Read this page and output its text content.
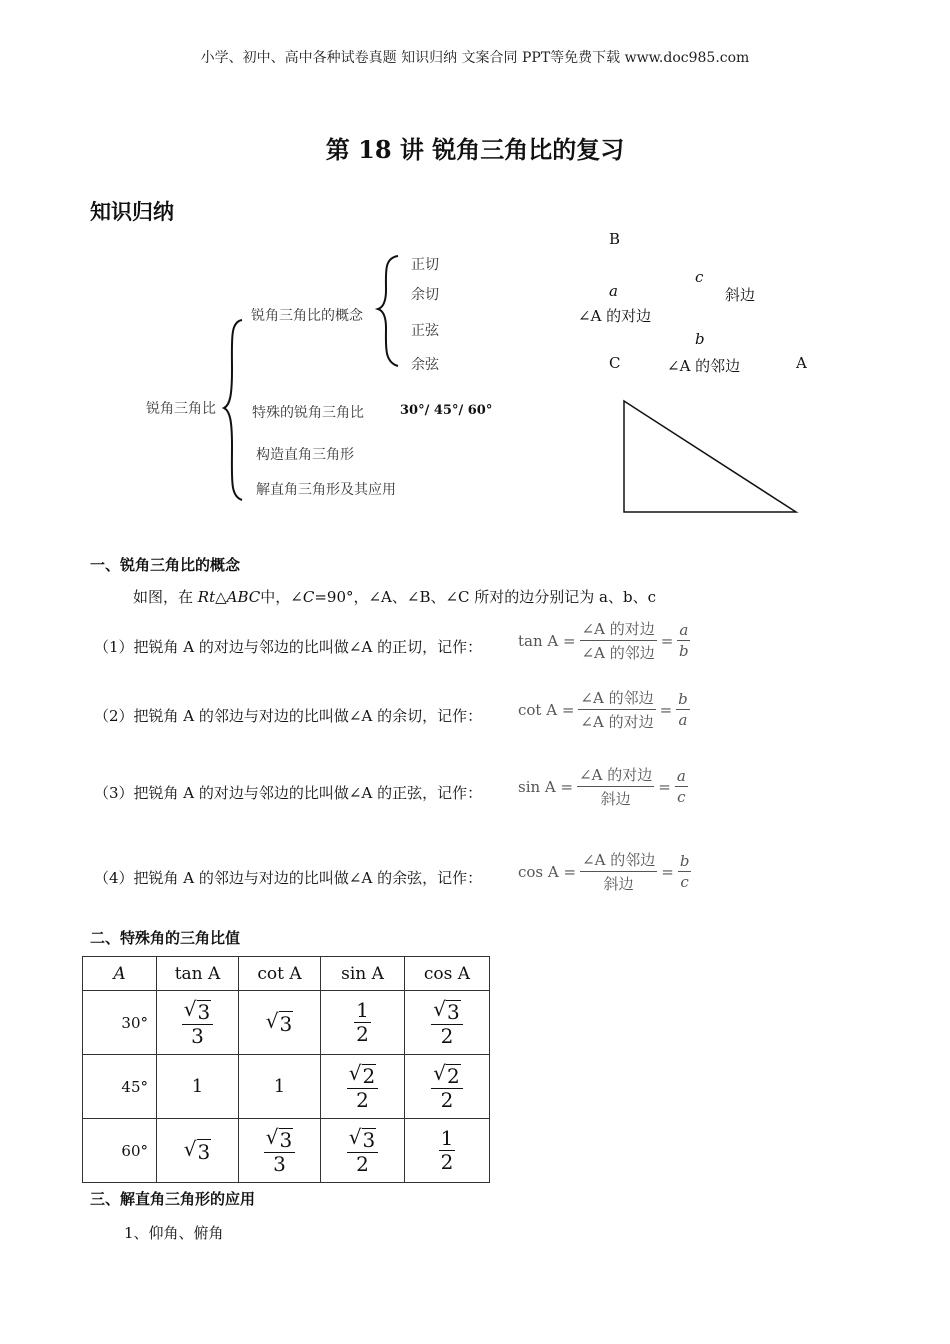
小学、初中、高中各种试卷真题 知识归纳 文案合同 PPT等免费下载 www.doc985.com
第 18 讲 锐角三角比的复习
知识归纳
锐角三角比
锐角三角比的概念
正切
余切
正弦
余弦
特殊的锐角三角比	30°/ 45°/ 60°
构造直角三角形
解直角三角形及其应用
B
c
a	斜边
∠A 的对边
b
C	∠A 的邻边	A
一、锐角三角比的概念
如图，在 Rt△ABC中，∠C=90°，∠A、∠B、∠C 所对的边分别记为 a、b、c
（1）把锐角 A 的对边与邻边的比叫做∠A 的正切，记作： $\tan A = \frac{\text{∠A 的对边}}{\text{∠A 的邻边}} = \frac{a}{b}$
（2）把锐角 A 的邻边与对边的比叫做∠A 的余切，记作： $\cot A = \frac{\text{∠A 的邻边}}{\text{∠A 的对边}} = \frac{b}{a}$
（3）把锐角 A 的对边与邻边的比叫做∠A 的正弦，记作： $\sin A = \frac{\text{∠A 的对边}}{\text{斜边}} = \frac{a}{c}$
（4）把锐角 A 的邻边与对边的比叫做∠A 的余弦，记作： $\cos A = \frac{\text{∠A 的邻边}}{\text{斜边}} = \frac{b}{c}$
二、特殊角的三角比值
A	tan A	cot A	sin A	cos A
30°	$\frac{√ 3}{3}$	√ 3	$\frac{1}{2}$	$\frac{√ 3}{2}$

45°	1	1	$\frac{√ 2}{2}$	$\frac{√ 2}{2}$

60°	√ 3	$\frac{√ 3}{3}$	$\frac{√ 3}{2}$	$\frac{1}{2}$
三、解直角三角形的应用
1、仰角、俯角
